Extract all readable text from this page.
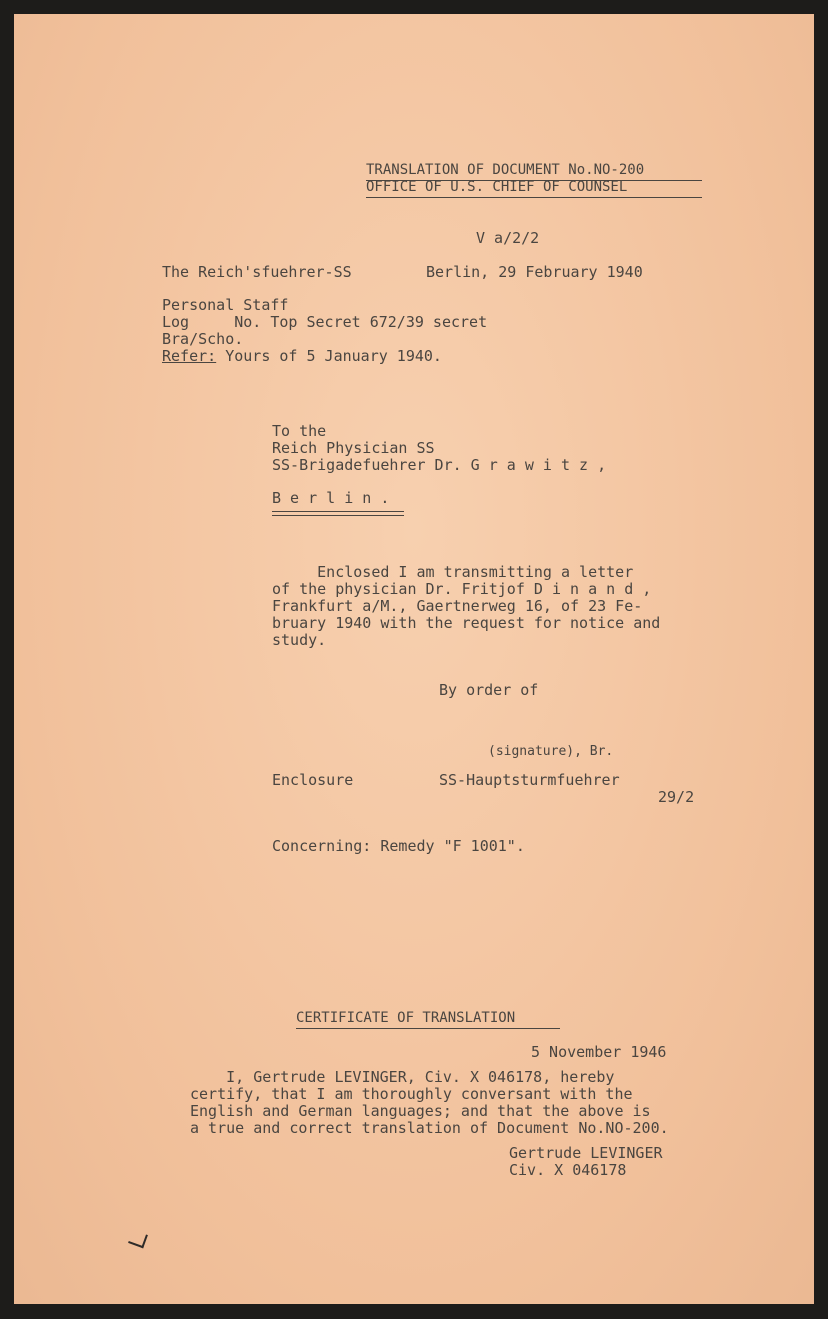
TRANSLATION OF DOCUMENT No.NO-200
OFFICE OF U.S. CHIEF OF COUNSEL
V a/2/2
The Reich'sfuehrer-SS	Berlin, 29 February 1940
Personal Staff
Log     No. Top Secret 672/39 secret
Bra/Scho.
Refer: Yours of 5 January 1940.
To the
Reich Physician SS
SS-Brigadefuehrer Dr. G r a w i t z ,
B e r l i n .
Enclosed I am transmitting a letter
of the physician Dr. Fritjof D i n a n d ,
Frankfurt a/M., Gaertnerweg 16, of 23 Fe-
bruary 1940 with the request for notice and
study.
By order of
(signature), Br.
Enclosure	SS-Hauptsturmfuehrer
29/2
Concerning: Remedy "F 1001".
CERTIFICATE OF TRANSLATION
5 November 1946
I, Gertrude LEVINGER, Civ. X 046178, hereby
certify, that I am thoroughly conversant with the
English and German languages; and that the above is
a true and correct translation of Document No.NO-200.
Gertrude LEVINGER
Civ. X 046178
